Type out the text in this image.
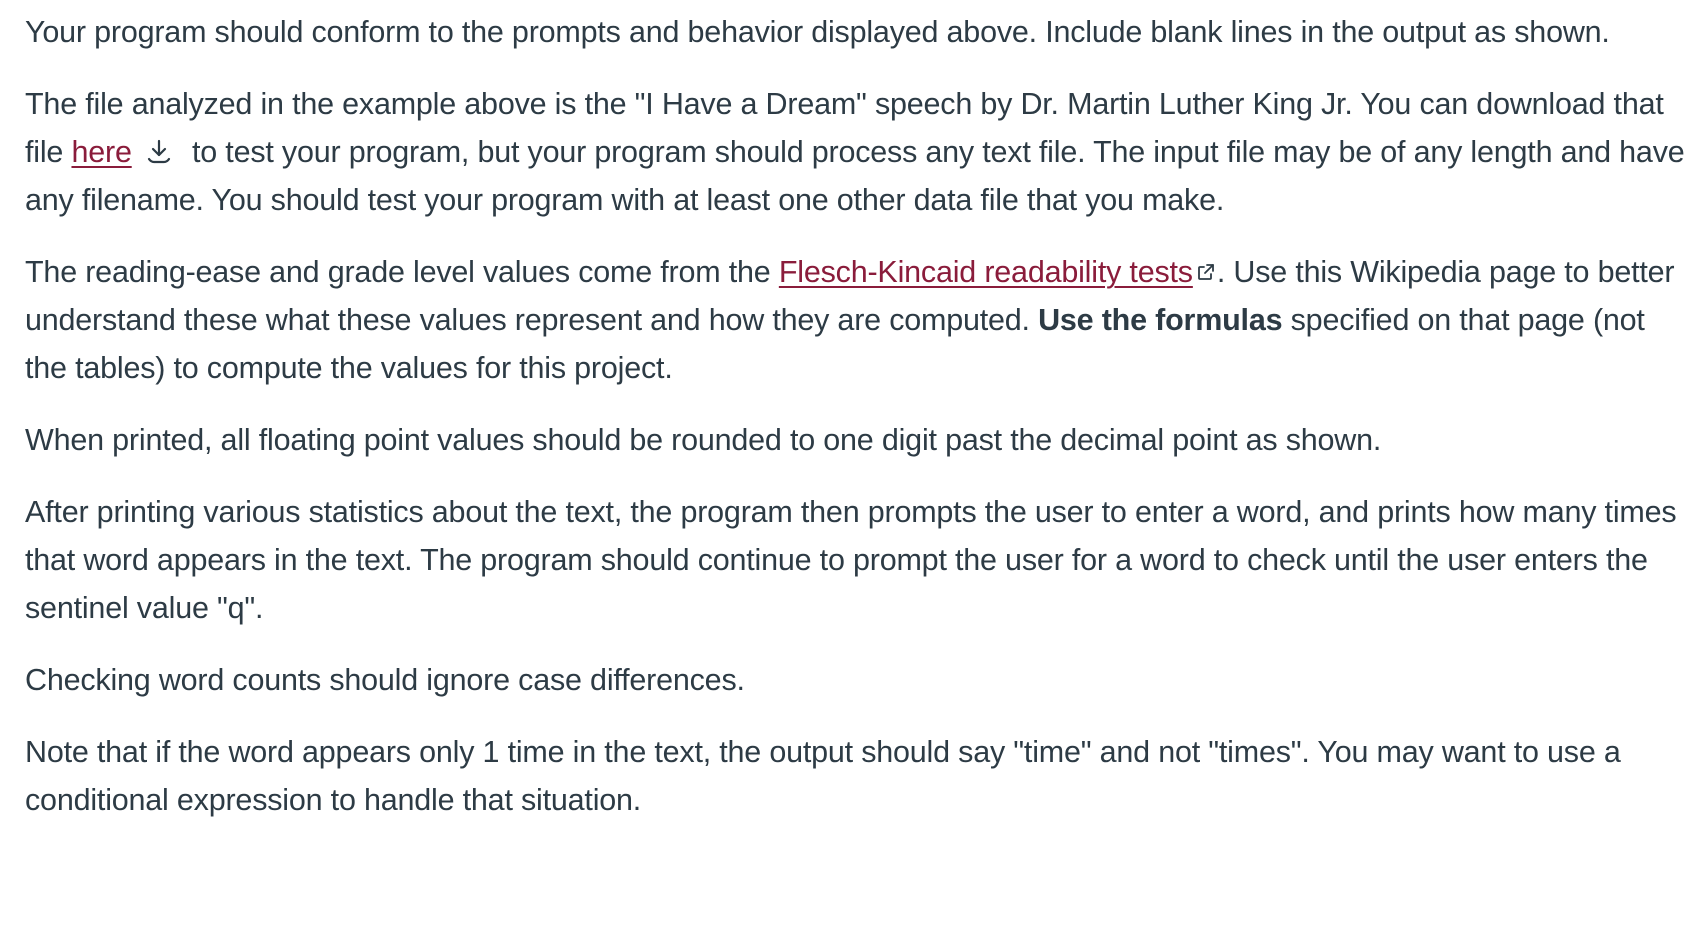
Your program should conform to the prompts and behavior displayed above. Include blank lines in the output as shown.

The file analyzed in the example above is the "I Have a Dream" speech by Dr. Martin Luther King Jr. You can download that file here to test your program, but your program should process any text file. The input file may be of any length and have any filename. You should test your program with at least one other data file that you make.

The reading-ease and grade level values come from the Flesch-Kincaid readability tests . Use this Wikipedia page to better understand these what these values represent and how they are computed. Use the formulas specified on that page (not the tables) to compute the values for this project.

When printed, all floating point values should be rounded to one digit past the decimal point as shown.

After printing various statistics about the text, the program then prompts the user to enter a word, and prints how many times that word appears in the text. The program should continue to prompt the user for a word to check until the user enters the sentinel value "q".

Checking word counts should ignore case differences.

Note that if the word appears only 1 time in the text, the output should say "time" and not "times". You may want to use a conditional expression to handle that situation.
